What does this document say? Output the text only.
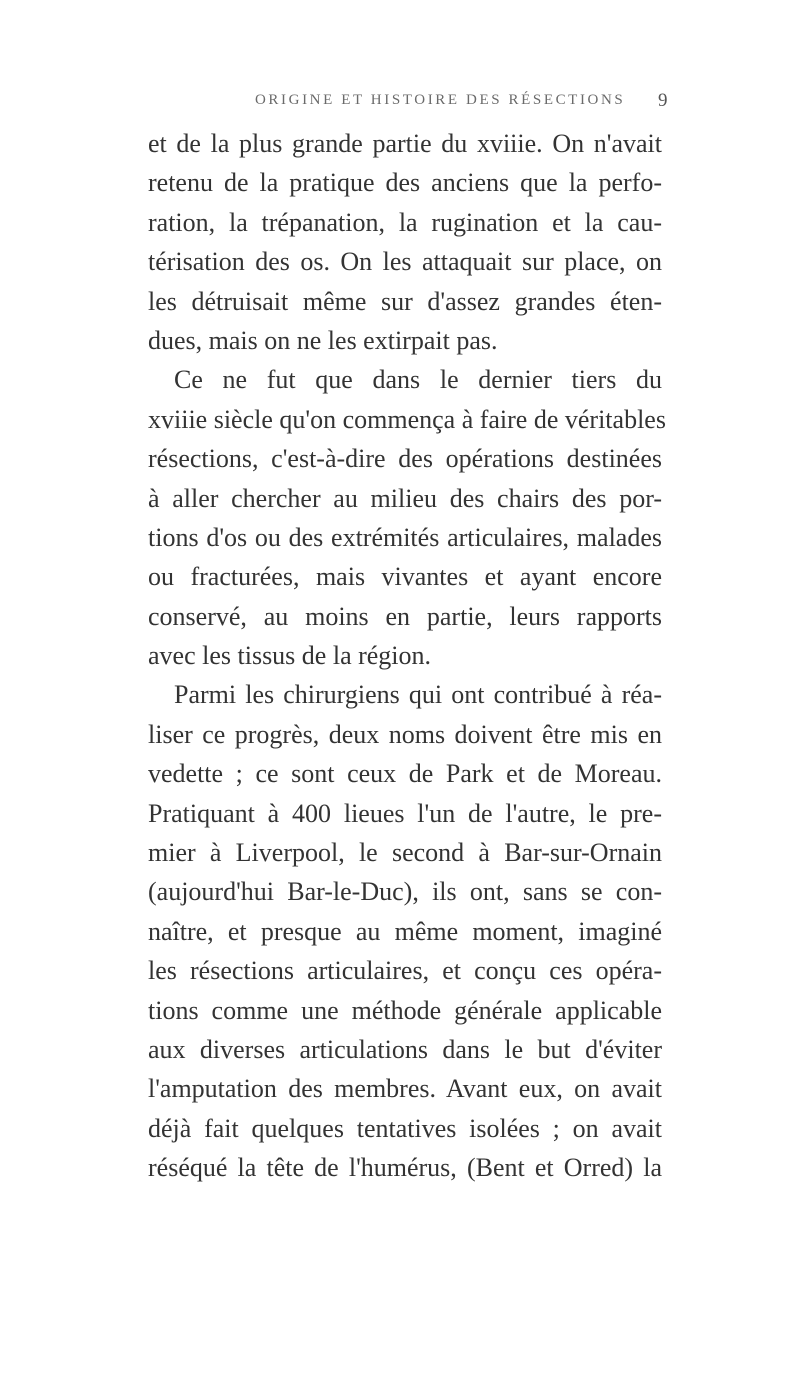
ORIGINE ET HISTOIRE DES RÉSECTIONS	9
et de la plus grande partie du xviiie. On n'avait
retenu de la pratique des anciens que la perfo-
ration, la trépanation, la rugination et la cau-
térisation des os. On les attaquait sur place, on
les détruisait même sur d'assez grandes éten-
dues, mais on ne les extirpait pas.
Ce ne fut que dans le dernier tiers du
xviiie siècle qu'on commença à faire de véritables
résections, c'est-à-dire des opérations destinées
à aller chercher au milieu des chairs des por-
tions d'os ou des extrémités articulaires, malades
ou fracturées, mais vivantes et ayant encore
conservé, au moins en partie, leurs rapports
avec les tissus de la région.
Parmi les chirurgiens qui ont contribué à réa-
liser ce progrès, deux noms doivent être mis en
vedette ; ce sont ceux de Park et de Moreau.
Pratiquant à 400 lieues l'un de l'autre, le pre-
mier à Liverpool, le second à Bar-sur-Ornain
(aujourd'hui Bar-le-Duc), ils ont, sans se con-
naître, et presque au même moment, imaginé
les résections articulaires, et conçu ces opéra-
tions comme une méthode générale applicable
aux diverses articulations dans le but d'éviter
l'amputation des membres. Avant eux, on avait
déjà fait quelques tentatives isolées ; on avait
réséqué la tête de l'humérus, (Bent et Orred) la
